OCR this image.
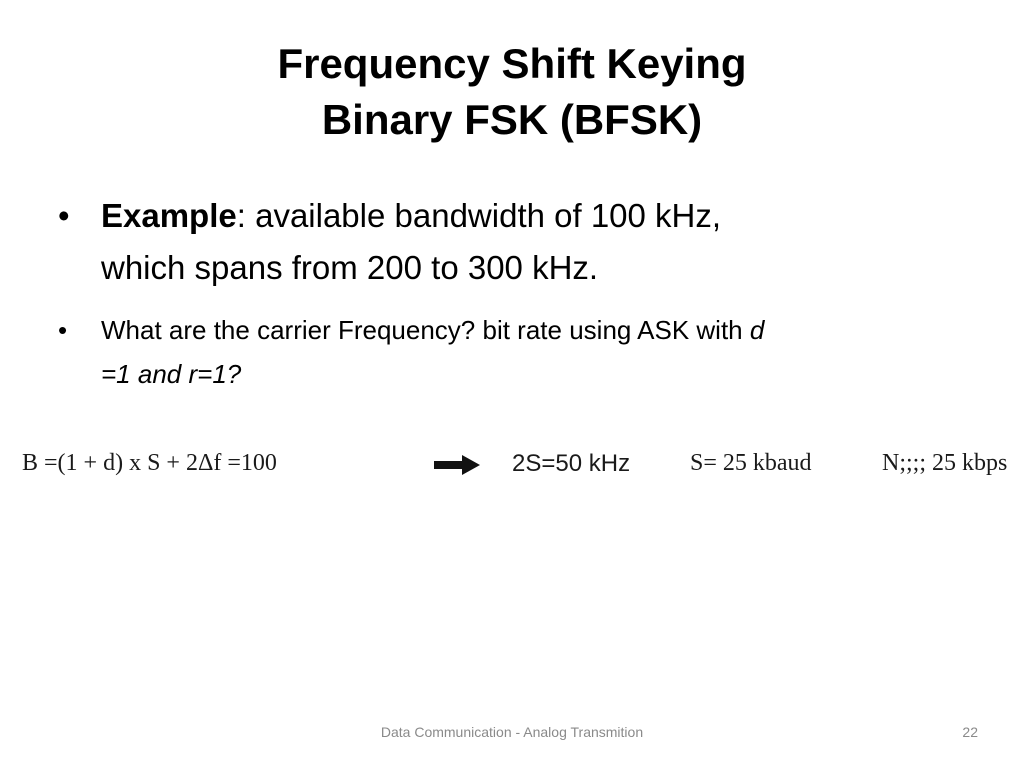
Frequency Shift Keying
Binary FSK (BFSK)
• Example: available bandwidth of 100 kHz,
which spans from 200 to 300 kHz.
• What are the carrier Frequency? bit rate using ASK with d
=1 and r=1?
B =(1 + d) x S + 2Δf =100	2S=50 kHz S= 25 kbaud	N;;;; 25 kbps
Data Communication - Analog Transmition	22
